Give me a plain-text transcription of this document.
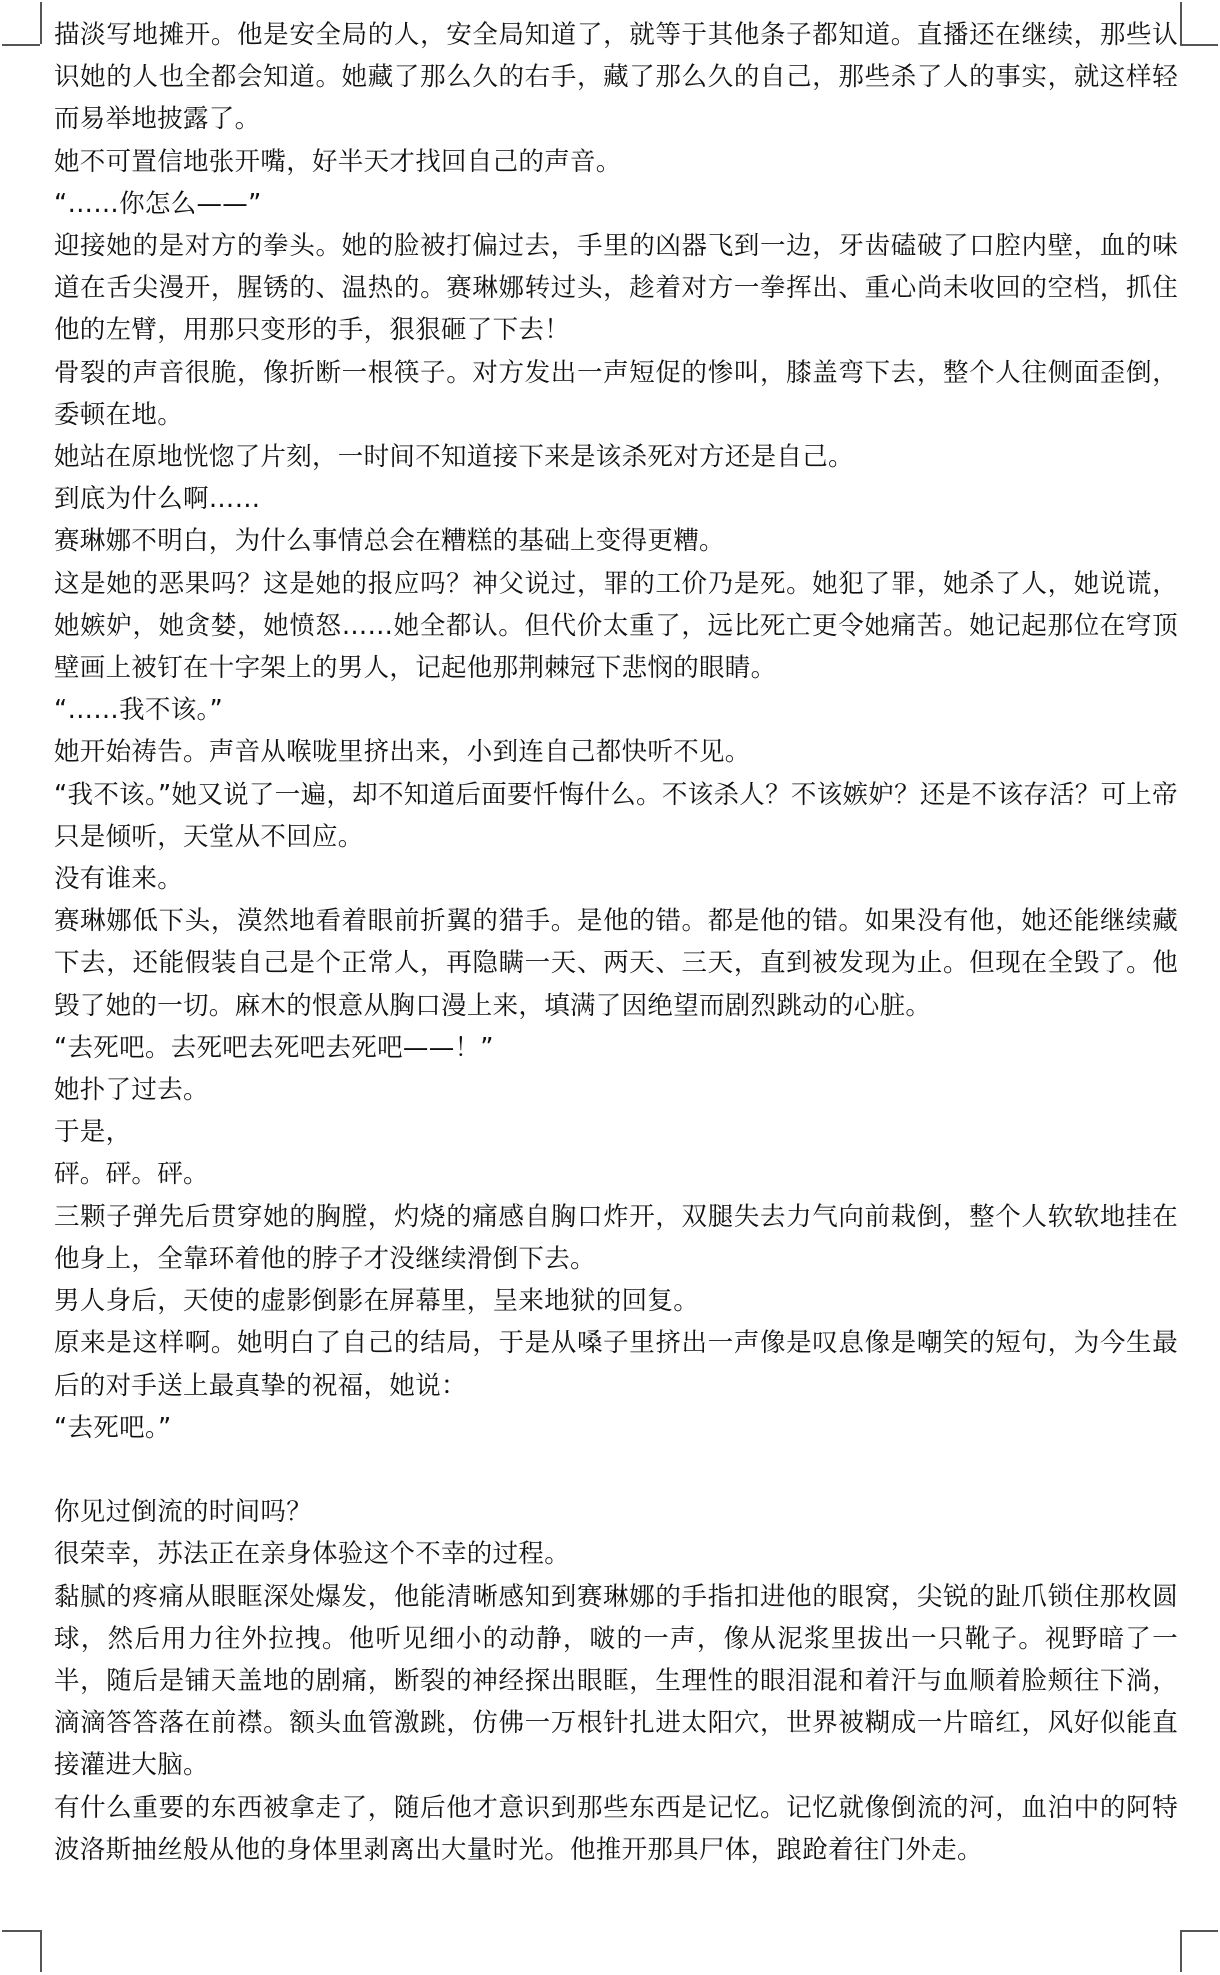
描淡写地摊开。他是安全局的人，安全局知道了，就等于其他条子都知道。直播还在继续，那些认识她的人也全都会知道。她藏了那么久的右手，藏了那么久的自己，那些杀了人的事实，就这样轻而易举地披露了。

她不可置信地张开嘴，好半天才找回自己的声音。

“……你怎么——”

迎接她的是对方的拳头。她的脸被打偏过去，手里的凶器飞到一边，牙齿磕破了口腔内壁，血的味道在舌尖漫开，腥锈的、温热的。赛琳娜转过头，趁着对方一拳挥出、重心尚未收回的空档，抓住他的左臂，用那只变形的手，狠狠砸了下去！

骨裂的声音很脆，像折断一根筷子。对方发出一声短促的惨叫，膝盖弯下去，整个人往侧面歪倒，委顿在地。

她站在原地恍惚了片刻，一时间不知道接下来是该杀死对方还是自己。

到底为什么啊……

赛琳娜不明白，为什么事情总会在糟糕的基础上变得更糟。

这是她的恶果吗？这是她的报应吗？神父说过，罪的工价乃是死。她犯了罪，她杀了人，她说谎，她嫉妒，她贪婪，她愤怒……她全都认。但代价太重了，远比死亡更令她痛苦。她记起那位在穹顶壁画上被钉在十字架上的男人，记起他那荆棘冠下悲悯的眼睛。

“……我不该。”

她开始祷告。声音从喉咙里挤出来，小到连自己都快听不见。

“我不该。”她又说了一遍，却不知道后面要忏悔什么。不该杀人？不该嫉妒？还是不该存活？可上帝只是倾听，天堂从不回应。

没有谁来。

赛琳娜低下头，漠然地看着眼前折翼的猎手。是他的错。都是他的错。如果没有他，她还能继续藏下去，还能假装自己是个正常人，再隐瞒一天、两天、三天，直到被发现为止。但现在全毁了。他毁了她的一切。麻木的恨意从胸口漫上来，填满了因绝望而剧烈跳动的心脏。

“去死吧。去死吧去死吧去死吧——！”

她扑了过去。

于是，

砰。砰。砰。

三颗子弹先后贯穿她的胸膛，灼烧的痛感自胸口炸开，双腿失去力气向前栽倒，整个人软软地挂在他身上，全靠环着他的脖子才没继续滑倒下去。

男人身后，天使的虚影倒影在屏幕里，呈来地狱的回复。

原来是这样啊。她明白了自己的结局，于是从嗓子里挤出一声像是叹息像是嘲笑的短句，为今生最后的对手送上最真挚的祝福，她说：

“去死吧。”

你见过倒流的时间吗？

很荣幸，苏法正在亲身体验这个不幸的过程。

黏腻的疼痛从眼眶深处爆发，他能清晰感知到赛琳娜的手指扣进他的眼窝，尖锐的趾爪锁住那枚圆球，然后用力往外拉拽。他听见细小的动静，啵的一声，像从泥浆里拔出一只靴子。视野暗了一半，随后是铺天盖地的剧痛，断裂的神经探出眼眶，生理性的眼泪混和着汗与血顺着脸颊往下淌，滴滴答答落在前襟。额头血管激跳，仿佛一万根针扎进太阳穴，世界被糊成一片暗红，风好似能直接灌进大脑。

有什么重要的东西被拿走了，随后他才意识到那些东西是记忆。记忆就像倒流的河，血泊中的阿特波洛斯抽丝般从他的身体里剥离出大量时光。他推开那具尸体，踉跄着往门外走。
